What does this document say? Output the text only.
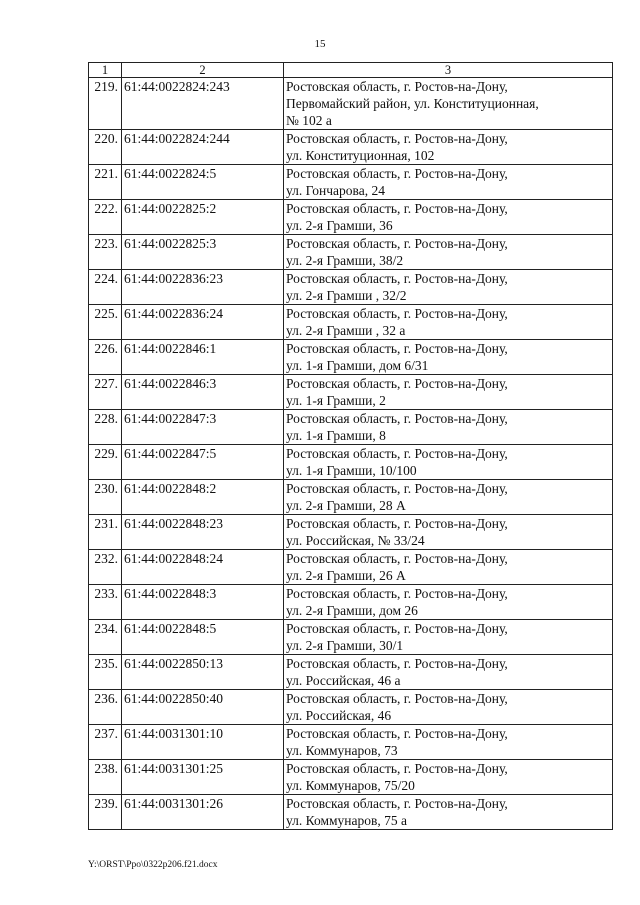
15
1	2	3
219.	61:44:0022824:243	Ростовская область, г. Ростов-на-Дону,
Первомайский район, ул. Конституционная,
№ 102 а

220.	61:44:0022824:244	Ростовская область, г. Ростов-на-Дону,
ул. Конституционная, 102

221.	61:44:0022824:5	Ростовская область, г. Ростов-на-Дону,
ул. Гончарова, 24

222.	61:44:0022825:2	Ростовская область, г. Ростов-на-Дону,
ул. 2-я Грамши, 36

223.	61:44:0022825:3	Ростовская область, г. Ростов-на-Дону,
ул. 2-я Грамши, 38/2

224.	61:44:0022836:23	Ростовская область, г. Ростов-на-Дону,
ул. 2-я Грамши , 32/2

225.	61:44:0022836:24	Ростовская область, г. Ростов-на-Дону,
ул. 2-я Грамши , 32 а

226.	61:44:0022846:1	Ростовская область, г. Ростов-на-Дону,
ул. 1-я Грамши, дом 6/31

227.	61:44:0022846:3	Ростовская область, г. Ростов-на-Дону,
ул. 1-я Грамши, 2

228.	61:44:0022847:3	Ростовская область, г. Ростов-на-Дону,
ул. 1-я Грамши, 8

229.	61:44:0022847:5	Ростовская область, г. Ростов-на-Дону,
ул. 1-я Грамши, 10/100

230.	61:44:0022848:2	Ростовская область, г. Ростов-на-Дону,
ул. 2-я Грамши, 28 А

231.	61:44:0022848:23	Ростовская область, г. Ростов-на-Дону,
ул. Российская, № 33/24

232.	61:44:0022848:24	Ростовская область, г. Ростов-на-Дону,
ул. 2-я Грамши, 26 А

233.	61:44:0022848:3	Ростовская область, г. Ростов-на-Дону,
ул. 2-я Грамши, дом 26

234.	61:44:0022848:5	Ростовская область, г. Ростов-на-Дону,
ул. 2-я Грамши, 30/1

235.	61:44:0022850:13	Ростовская область, г. Ростов-на-Дону,
ул. Российская, 46 а

236.	61:44:0022850:40	Ростовская область, г. Ростов-на-Дону,
ул. Российская, 46

237.	61:44:0031301:10	Ростовская область, г. Ростов-на-Дону,
ул. Коммунаров, 73

238.	61:44:0031301:25	Ростовская область, г. Ростов-на-Дону,
ул. Коммунаров, 75/20

239.	61:44:0031301:26	Ростовская область, г. Ростов-на-Дону,
ул. Коммунаров, 75 а
Y:\ORST\Ppo\0322p206.f21.docx
